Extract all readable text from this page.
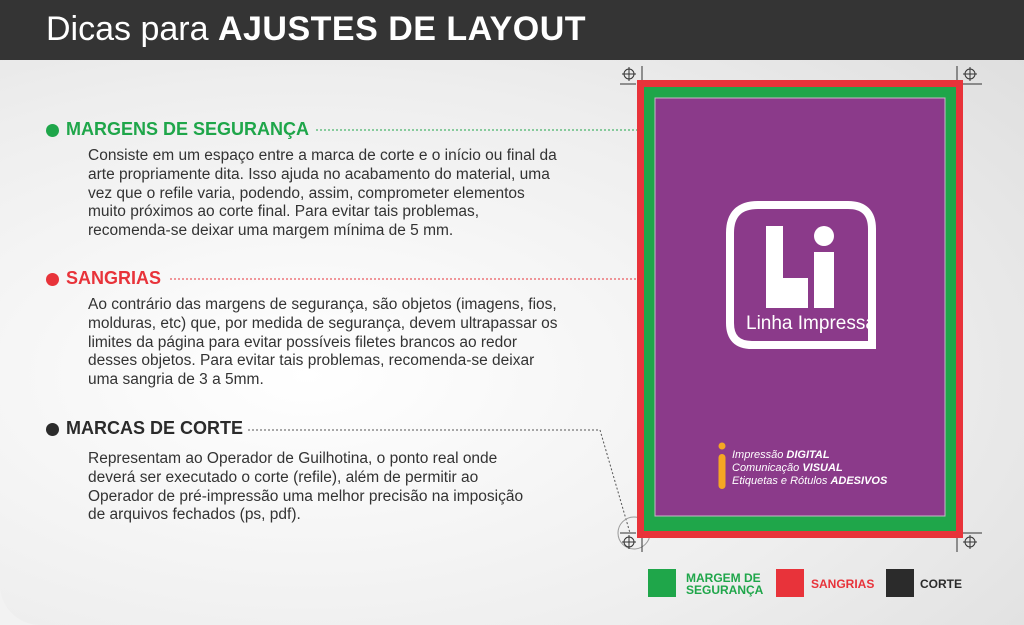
Dicas para AJUSTES DE LAYOUT
MARGENS DE SEGURANÇA
Consiste em um espaço entre a marca de corte e o início ou final da
arte propriamente dita. Isso ajuda no acabamento do material, uma
vez que o refile varia, podendo, assim, comprometer elementos
muito próximos ao corte final. Para evitar tais problemas,
recomenda-se deixar uma margem mínima de 5 mm.
SANGRIAS
Ao contrário das margens de segurança, são objetos (imagens, fios,
molduras, etc) que, por medida de segurança, devem ultrapassar os
limites da página para evitar possíveis filetes brancos ao redor
desses objetos. Para evitar tais problemas, recomenda-se deixar
uma sangria de 3 a 5mm.
MARCAS DE CORTE
Representam ao Operador de Guilhotina, o ponto real onde
deverá ser executado o corte (refile), além de permitir ao
Operador de pré-impressão uma melhor precisão na imposição
de arquivos fechados (ps, pdf).
Linha Impressa
Impressão DIGITAL
Comunicação VISUAL
Etiquetas e Rótulos ADESIVOS
MARGEM DE
SEGURANÇA	SANGRIAS	CORTE
